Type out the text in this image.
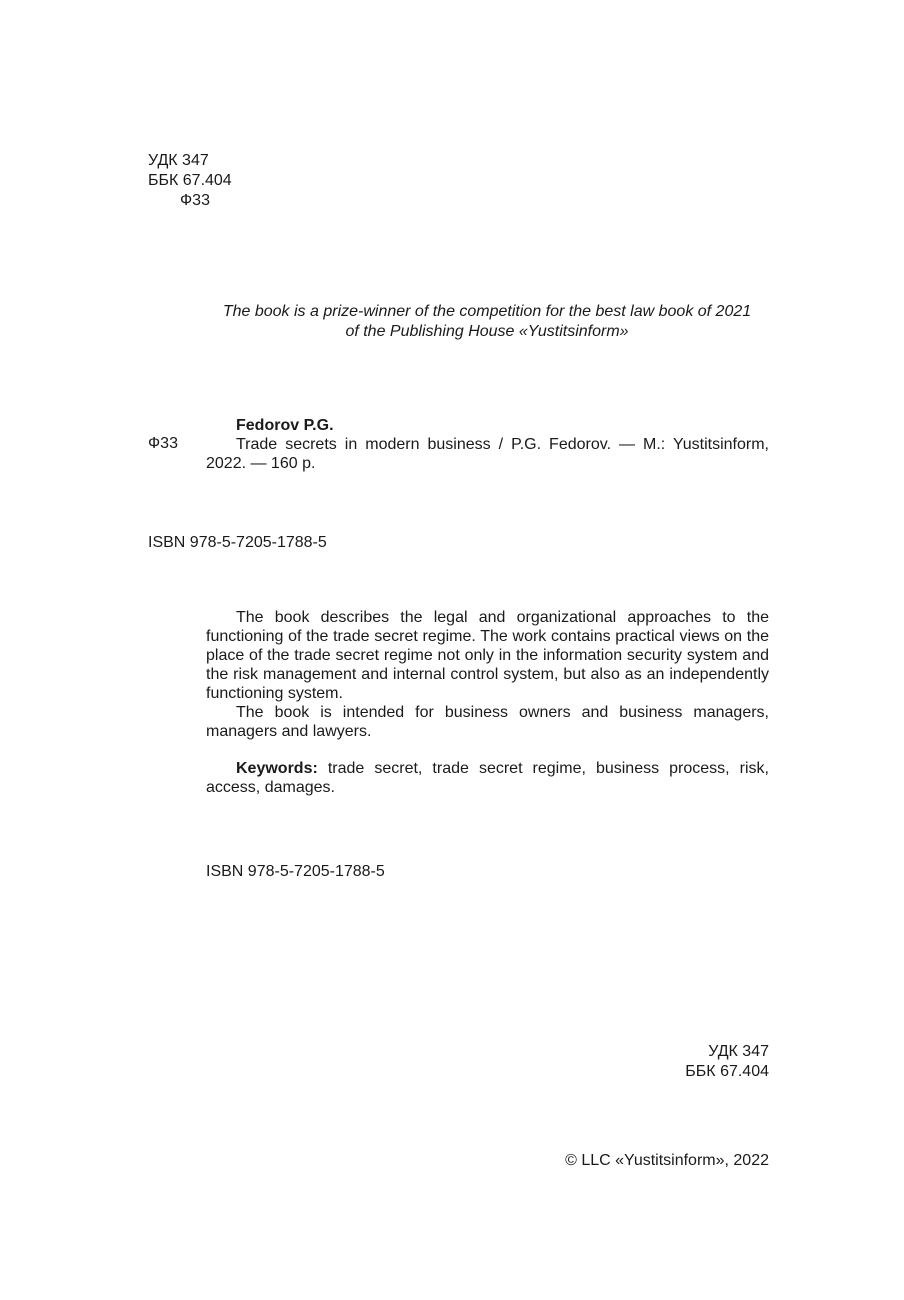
УДК 347
ББК 67.404
Ф33
The book is a prize-winner of the competition for the best law book of 2021
of the Publishing House «Yustitsinform»
Ф33
Fedorov P.G.
Trade secrets in modern business / P.G. Fedorov. — M.: Yustitsinform, 2022. — 160 p.
ISBN 978-5-7205-1788-5

The book describes the legal and organizational approaches to the functioning of the trade secret regime. The work contains practical views on the place of the trade secret regime not only in the information security system and the risk management and internal control system, but also as an independently functioning system.

The book is intended for business owners and business managers, managers and lawyers.

Keywords: trade secret, trade secret regime, business process, risk, access, damages.

ISBN 978-5-7205-1788-5
УДК 347
ББК 67.404
© LLC «Yustitsinform», 2022
